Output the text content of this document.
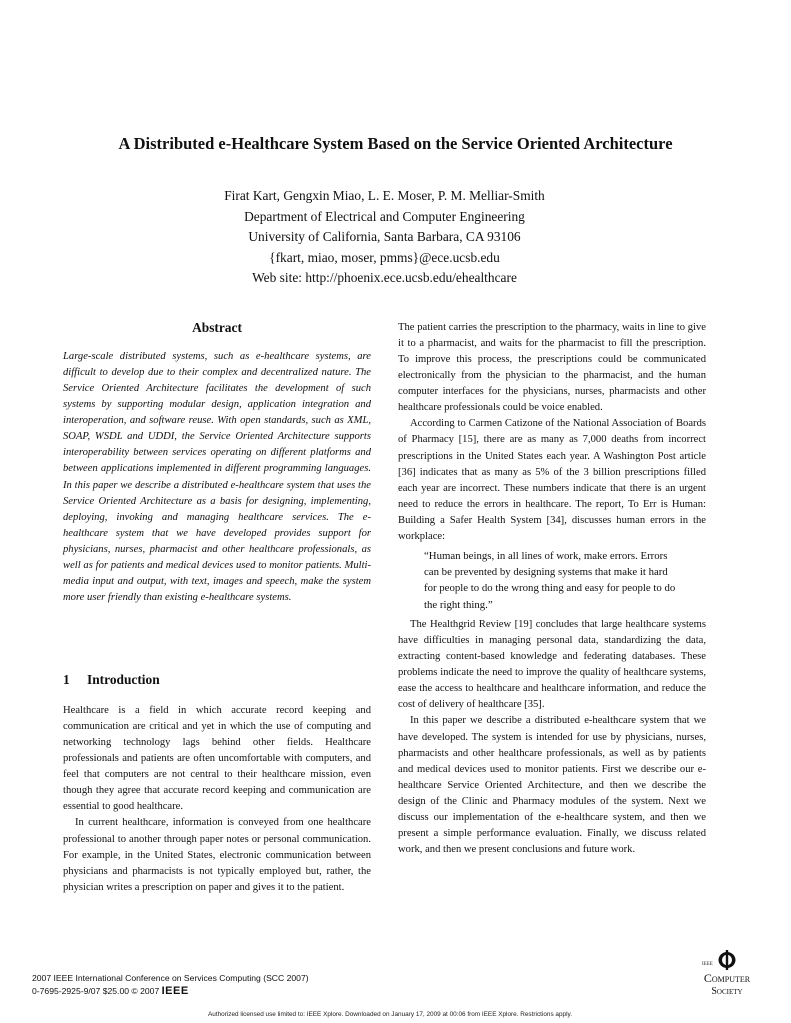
A Distributed e-Healthcare System Based on the Service Oriented Architecture
Firat Kart, Gengxin Miao, L. E. Moser, P. M. Melliar-Smith
Department of Electrical and Computer Engineering
University of California, Santa Barbara, CA 93106
{fkart, miao, moser, pmms}@ece.ucsb.edu
Web site: http://phoenix.ece.ucsb.edu/ehealthcare
Abstract

Large-scale distributed systems, such as e-healthcare systems, are difficult to develop due to their complex and decentralized nature. The Service Oriented Architecture facilitates the development of such systems by supporting modular design, application integration and interoperation, and software reuse. With open standards, such as XML, SOAP, WSDL and UDDI, the Service Oriented Architecture supports interoperability between services operating on different platforms and between applications implemented in different programming languages. In this paper we describe a distributed e-healthcare system that uses the Service Oriented Architecture as a basis for designing, implementing, deploying, invoking and managing healthcare services. The e-healthcare system that we have developed provides support for physicians, nurses, pharmacist and other healthcare professionals, as well as for patients and medical devices used to monitor patients. Multi-media input and output, with text, images and speech, make the system more user friendly than existing e-healthcare systems.

1 Introduction

Healthcare is a field in which accurate record keeping and communication are critical and yet in which the use of computing and networking technology lags behind other fields. Healthcare professionals and patients are often uncomfortable with computers, and feel that computers are not central to their healthcare mission, even though they agree that accurate record keeping and communication are essential to good healthcare.

In current healthcare, information is conveyed from one healthcare professional to another through paper notes or personal communication. For example, in the United States, electronic communication between physicians and pharmacists is not typically employed but, rather, the physician writes a prescription on paper and gives it to the patient.

The patient carries the prescription to the pharmacy, waits in line to give it to a pharmacist, and waits for the pharmacist to fill the prescription. To improve this process, the prescriptions could be communicated electronically from the physician to the pharmacist, and the human computer interfaces for the physicians, nurses, pharmacists and other healthcare professionals could be voice enabled.

According to Carmen Catizone of the National Association of Boards of Pharmacy [15], there are as many as 7,000 deaths from incorrect prescriptions in the United States each year. A Washington Post article [36] indicates that as many as 5% of the 3 billion prescriptions filled each year are incorrect. These numbers indicate that there is an urgent need to reduce the errors in healthcare. The report, To Err is Human: Building a Safer Health System [34], discusses human errors in the workplace:

“Human beings, in all lines of work, make errors. Errors can be prevented by designing systems that make it hard for people to do the wrong thing and easy for people to do the right thing.”

The Healthgrid Review [19] concludes that large healthcare systems have difficulties in managing personal data, standardizing the data, extracting content-based knowledge and federating databases. These problems indicate the need to improve the quality of healthcare systems, ease the access to healthcare and healthcare information, and reduce the cost of delivery of healthcare [35].

In this paper we describe a distributed e-healthcare system that we have developed. The system is intended for use by physicians, nurses, pharmacists and other healthcare professionals, as well as by patients and medical devices used to monitor patients. First we describe our e-healthcare Service Oriented Architecture, and then we describe the design of the Clinic and Pharmacy modules of the system. Next we discuss our implementation of the e-healthcare system, and then we present a simple performance evaluation. Finally, we discuss related work, and then we present conclusions and future work.

2007 IEEE International Conference on Services Computing (SCC 2007)
0-7695-2925-9/07 $25.00 © 2007 IEEE
IEEE
Computer
Society
Authorized licensed use limited to: IEEE Xplore. Downloaded on January 17, 2009 at 00:06 from IEEE Xplore. Restrictions apply.
